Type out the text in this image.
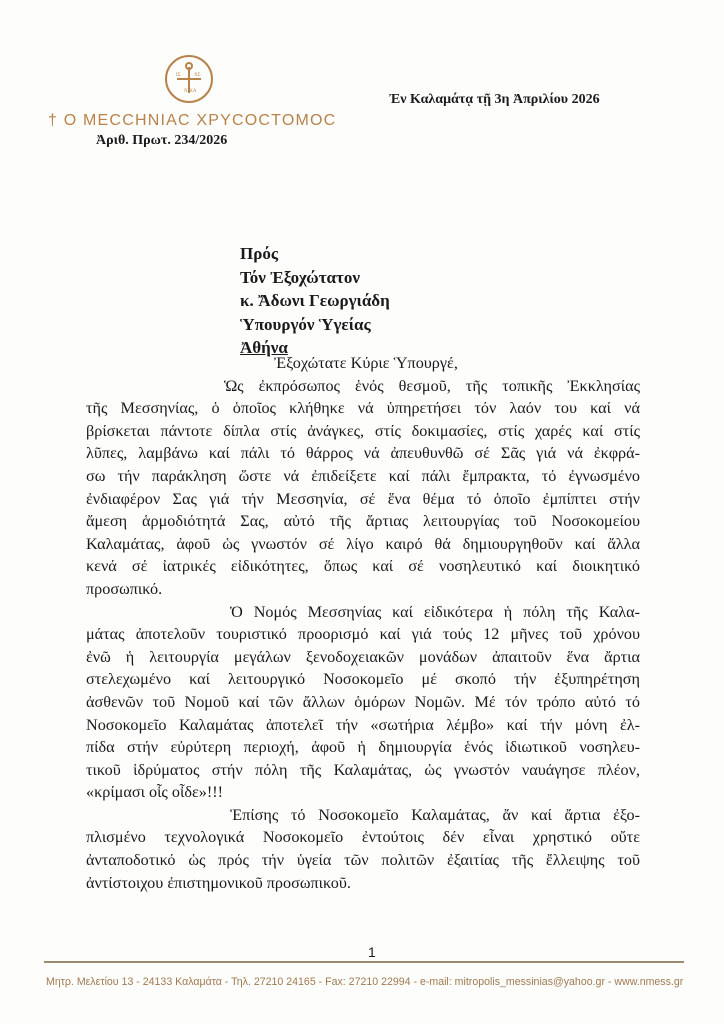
ΙΣ	ΧΣ
ΝΙΚΑ
† Ο ΜΕCCΗΝΙΑC ΧΡΥCΟCΤΟΜΟC
Ἀριθ. Πρωτ. 234/2026
Ἐν Καλαμάτᾳ τῇ 3η Ἀπριλίου 2026
Πρός
Τόν Ἐξοχώτατον
κ. Ἄδωνι Γεωργιάδη
Ὑπουργόν Ὑγείας
Ἀθήνα
Ἐξοχώτατε Κύριε Ὑπουργέ,
Ὡς ἐκπρόσωπος ἑνός θεσμοῦ, τῆς τοπικῆς Ἐκκλησίας
τῆς Μεσσηνίας, ὁ ὁποῖος κλήθηκε νά ὑπηρετήσει τόν λαόν του καί νά
βρίσκεται πάντοτε δίπλα στίς ἀνάγκες, στίς δοκιμασίες, στίς χαρές καί στίς
λῦπες, λαμβάνω καί πάλι τό θάρρος νά ἀπευθυνθῶ σέ Σᾶς γιά νά ἐκφρά-
σω τήν παράκληση ὥστε νά ἐπιδείξετε καί πάλι ἔμπρακτα, τό ἐγνωσμένο
ἐνδιαφέρον Σας γιά τήν Μεσσηνία, σέ ἕνα θέμα τό ὁποῖο ἐμπίπτει στήν
ἄμεση ἁρμοδιότητά Σας, αὐτό τῆς ἄρτιας λειτουργίας τοῦ Νοσοκομείου
Καλαμάτας, ἀφοῦ ὡς γνωστόν σέ λίγο καιρό θά δημιουργηθοῦν καί ἄλλα
κενά σέ ἰατρικές εἰδικότητες, ὅπως καί σέ νοσηλευτικό καί διοικητικό
προσωπικό.
Ὁ Νομός Μεσσηνίας καί εἰδικότερα ἡ πόλη τῆς Καλα-
μάτας ἀποτελοῦν τουριστικό προορισμό καί γιά τούς 12 μῆνες τοῦ χρόνου
ἐνῶ ἡ λειτουργία μεγάλων ξενοδοχειακῶν μονάδων ἀπαιτοῦν ἕνα ἄρτια
στελεχωμένο καί λειτουργικό Νοσοκομεῖο μέ σκοπό τήν ἐξυπηρέτηση
ἀσθενῶν τοῦ Νομοῦ καί τῶν ἄλλων ὁμόρων Νομῶν. Μέ τόν τρόπο αὐτό τό
Νοσοκομεῖο Καλαμάτας ἀποτελεῖ τήν «σωτήρια λέμβο» καί τήν μόνη ἐλ-
πίδα στήν εὐρύτερη περιοχή, ἀφοῦ ἡ δημιουργία ἑνός ἰδιωτικοῦ νοσηλευ-
τικοῦ ἱδρύματος στήν πόλη τῆς Καλαμάτας, ὡς γνωστόν ναυάγησε πλέον,
«κρίμασι οἷς οἶδε»!!!
Ἐπίσης τό Νοσοκομεῖο Καλαμάτας, ἄν καί ἄρτια ἐξο-
πλισμένο τεχνολογικά Νοσοκομεῖο ἐντούτοις δέν εἶναι χρηστικό οὔτε
ἀνταποδοτικό ὡς πρός τήν ὑγεία τῶν πολιτῶν ἐξαιτίας τῆς ἔλλειψης τοῦ
ἀντίστοιχου ἐπιστημονικοῦ προσωπικοῦ.
1
Μητρ. Μελετίου 13 - 24133 Καλαμάτα - Τηλ. 27210 24165 - Fax: 27210 22994 - e-mail: mitropolis_messinias@yahoo.gr - www.nmess.gr
